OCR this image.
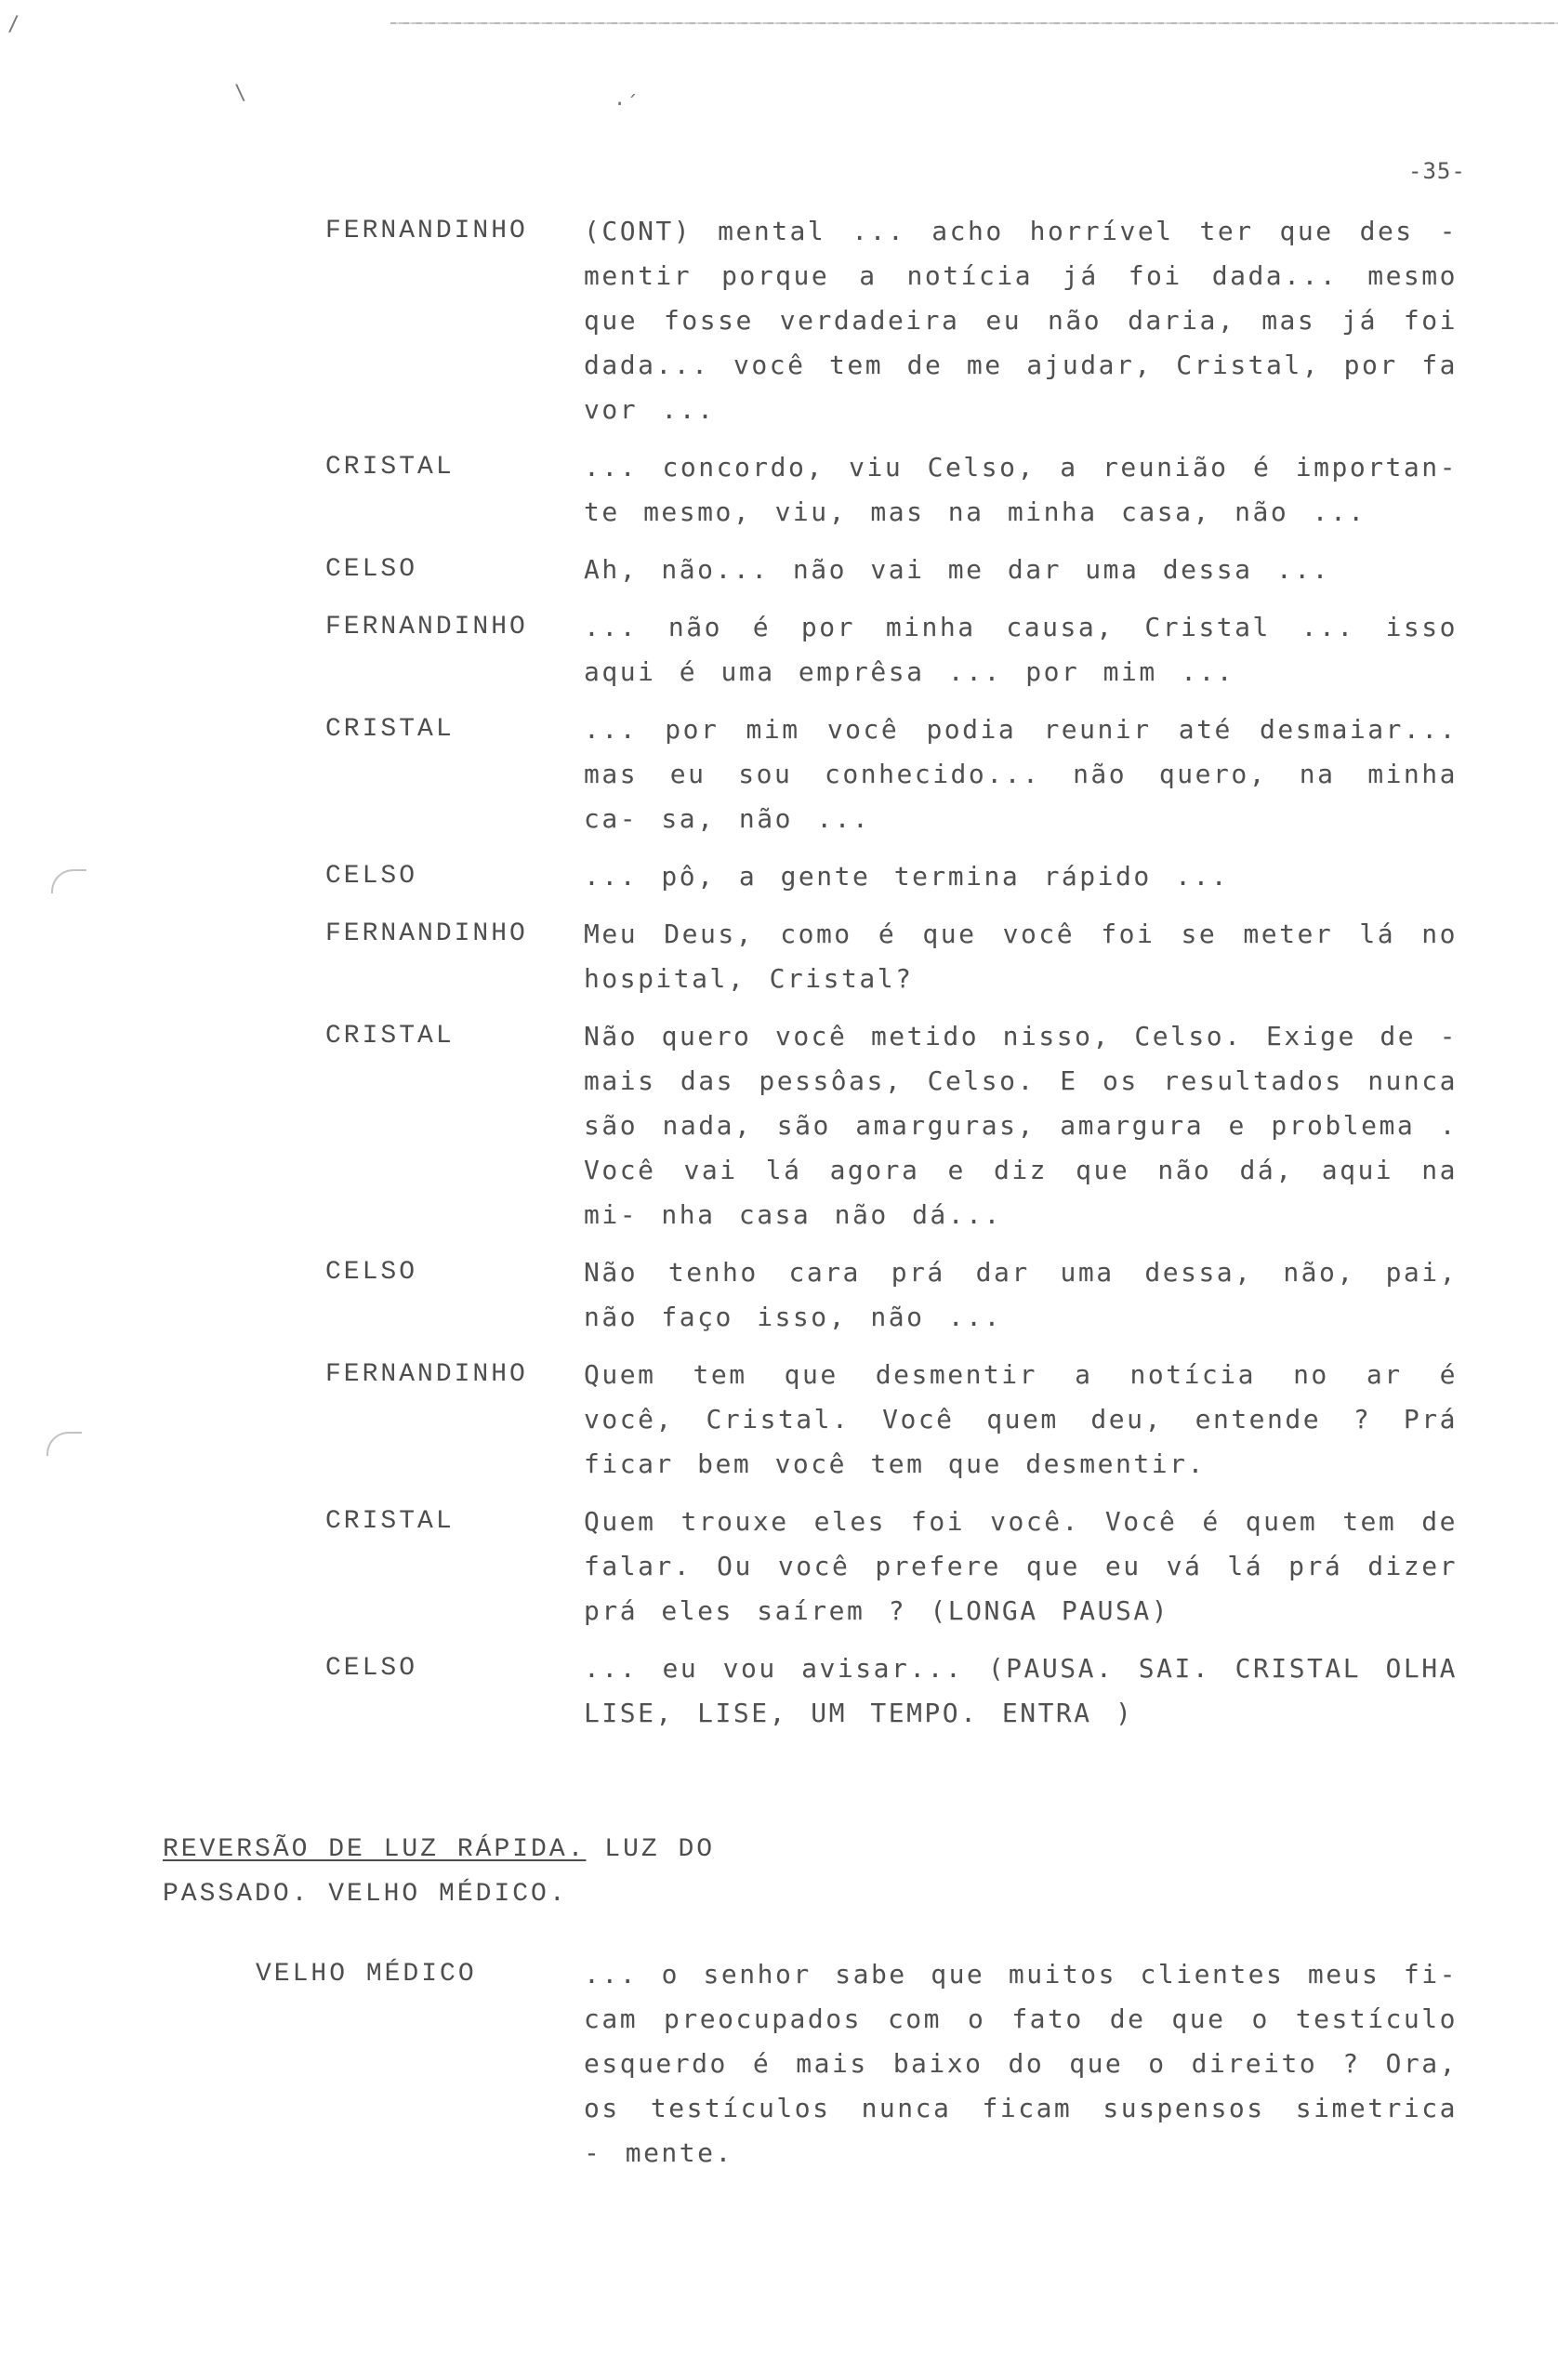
/
\	·´
-35-
FERNANDINHO	(CONT) mental ... acho horrível ter que des - mentir porque a notícia já foi dada... mesmo que fosse verdadeira eu não daria, mas já foi dada... você tem de me ajudar, Cristal, por fa vor ...
CRISTAL	... concordo, viu Celso, a reunião é importan- te mesmo, viu, mas na minha casa, não ...
CELSO	Ah, não... não vai me dar uma dessa ...
FERNANDINHO	... não é por minha causa, Cristal ... isso aqui é uma emprêsa ... por mim ...
CRISTAL	... por mim você podia reunir até desmaiar... mas eu sou conhecido... não quero, na minha ca- sa, não ...
CELSO	... pô, a gente termina rápido ...
FERNANDINHO	Meu Deus, como é que você foi se meter lá no hospital, Cristal?
CRISTAL	Não quero você metido nisso, Celso. Exige de - mais das pessôas, Celso. E os resultados nunca são nada, são amarguras, amargura e problema . Você vai lá agora e diz que não dá, aqui na mi- nha casa não dá...
CELSO	Não tenho cara prá dar uma dessa, não, pai, não faço isso, não ...
FERNANDINHO	Quem tem que desmentir a notícia no ar é você, Cristal. Você quem deu, entende ? Prá ficar bem você tem que desmentir.
CRISTAL	Quem trouxe eles foi você. Você é quem tem de falar. Ou você prefere que eu vá lá prá dizer prá eles saírem ? (LONGA PAUSA)
CELSO	... eu vou avisar... (PAUSA. SAI. CRISTAL OLHA LISE, LISE, UM TEMPO. ENTRA )
REVERSÃO DE LUZ RÁPIDA. LUZ DO PASSADO. VELHO MÉDICO.
VELHO MÉDICO	... o senhor sabe que muitos clientes meus fi- cam preocupados com o fato de que o testículo esquerdo é mais baixo do que o direito ? Ora, os testículos nunca ficam suspensos simetrica - mente.
